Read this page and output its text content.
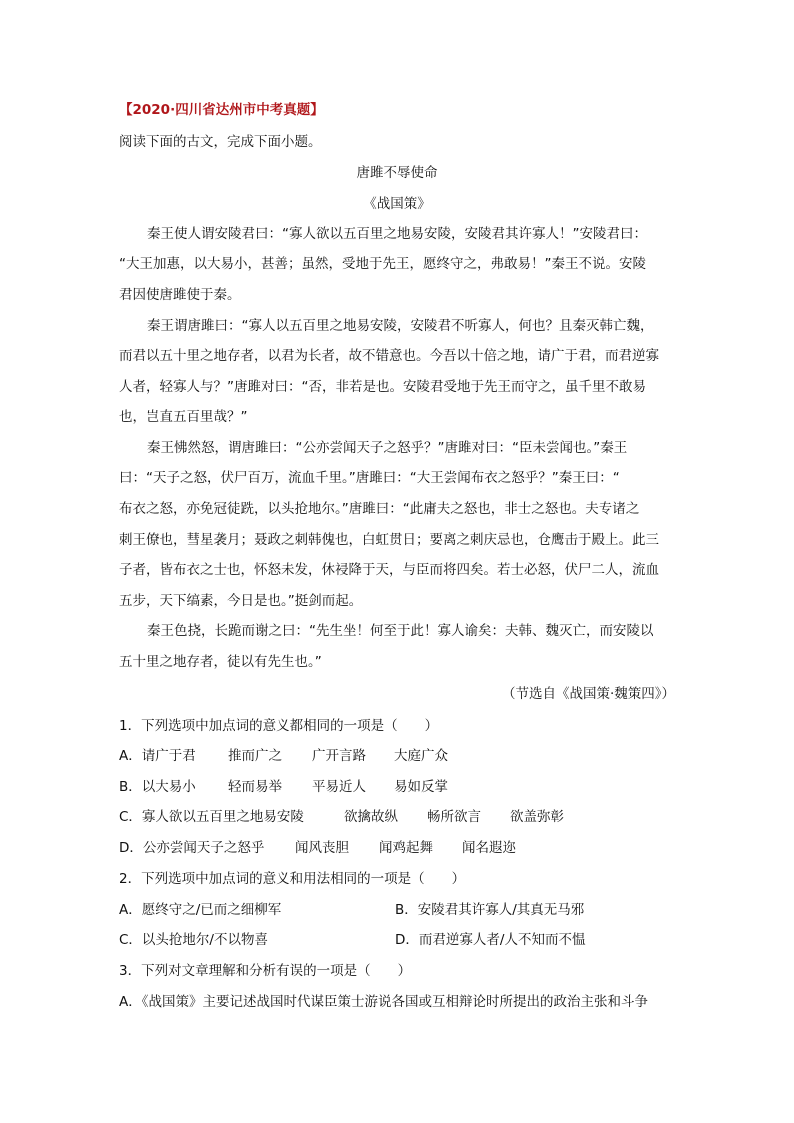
【2020·四川省达州市中考真题】
阅读下面的古文，完成下面小题。
唐雎不辱使命
《战国策》
秦王使人谓安陵君曰：“寡人欲以五百里之地易安陵，安陵君其许寡人！”安陵君曰：
“大王加惠，以大易小，甚善；虽然，受地于先王，愿终守之，弗敢易！”秦王不说。安陵
君因使唐雎使于秦。
秦王谓唐雎曰：“寡人以五百里之地易安陵，安陵君不听寡人，何也？且秦灭韩亡魏，
而君以五十里之地存者，以君为长者，故不错意也。今吾以十倍之地，请广于君，而君逆寡
人者，轻寡人与？”唐雎对曰：“否，非若是也。安陵君受地于先王而守之，虽千里不敢易
也，岂直五百里哉？”
秦王怫然怒，谓唐雎曰：“公亦尝闻天子之怒乎？”唐雎对曰：“臣未尝闻也。”秦王
曰：“天子之怒，伏尸百万，流血千里。”唐雎曰：“大王尝闻布衣之怒乎？”秦王曰：“
布衣之怒，亦免冠徒跣，以头抢地尔。”唐雎曰：“此庸夫之怒也，非士之怒也。夫专诸之
刺王僚也，彗星袭月；聂政之刺韩傀也，白虹贯日；要离之刺庆忌也，仓鹰击于殿上。此三
子者，皆布衣之士也，怀怒未发，休祲降于天，与臣而将四矣。若士必怒，伏尸二人，流血
五步，天下缟素，今日是也。”挺剑而起。
秦王色挠，长跪而谢之曰：“先生坐！何至于此！寡人谕矣：夫韩、魏灭亡，而安陵以
五十里之地存者，徒以有先生也。”
（节选自《战国策·魏策四》）
1．下列选项中加点词的意义都相同的一项是（　　）
A．请广于君 推而广之 广开言路 大庭广众
B．以大易小 轻而易举 平易近人 易如反掌
C．寡人欲以五百里之地易安陵	欲擒故纵 畅所欲言 欲盖弥彰
D．公亦尝闻天子之怒乎 闻风丧胆 闻鸡起舞 闻名遐迩
2．下列选项中加点词的意义和用法相同的一项是（　　）
A．愿终守之/已而之细柳军	B．安陵君其许寡人/其真无马邪
C．以头抢地尔/不以物喜	D．而君逆寡人者/人不知而不愠
3．下列对文章理解和分析有误的一项是（　　）
A．《战国策》主要记述战国时代谋臣策士游说各国或互相辩论时所提出的政治主张和斗争
